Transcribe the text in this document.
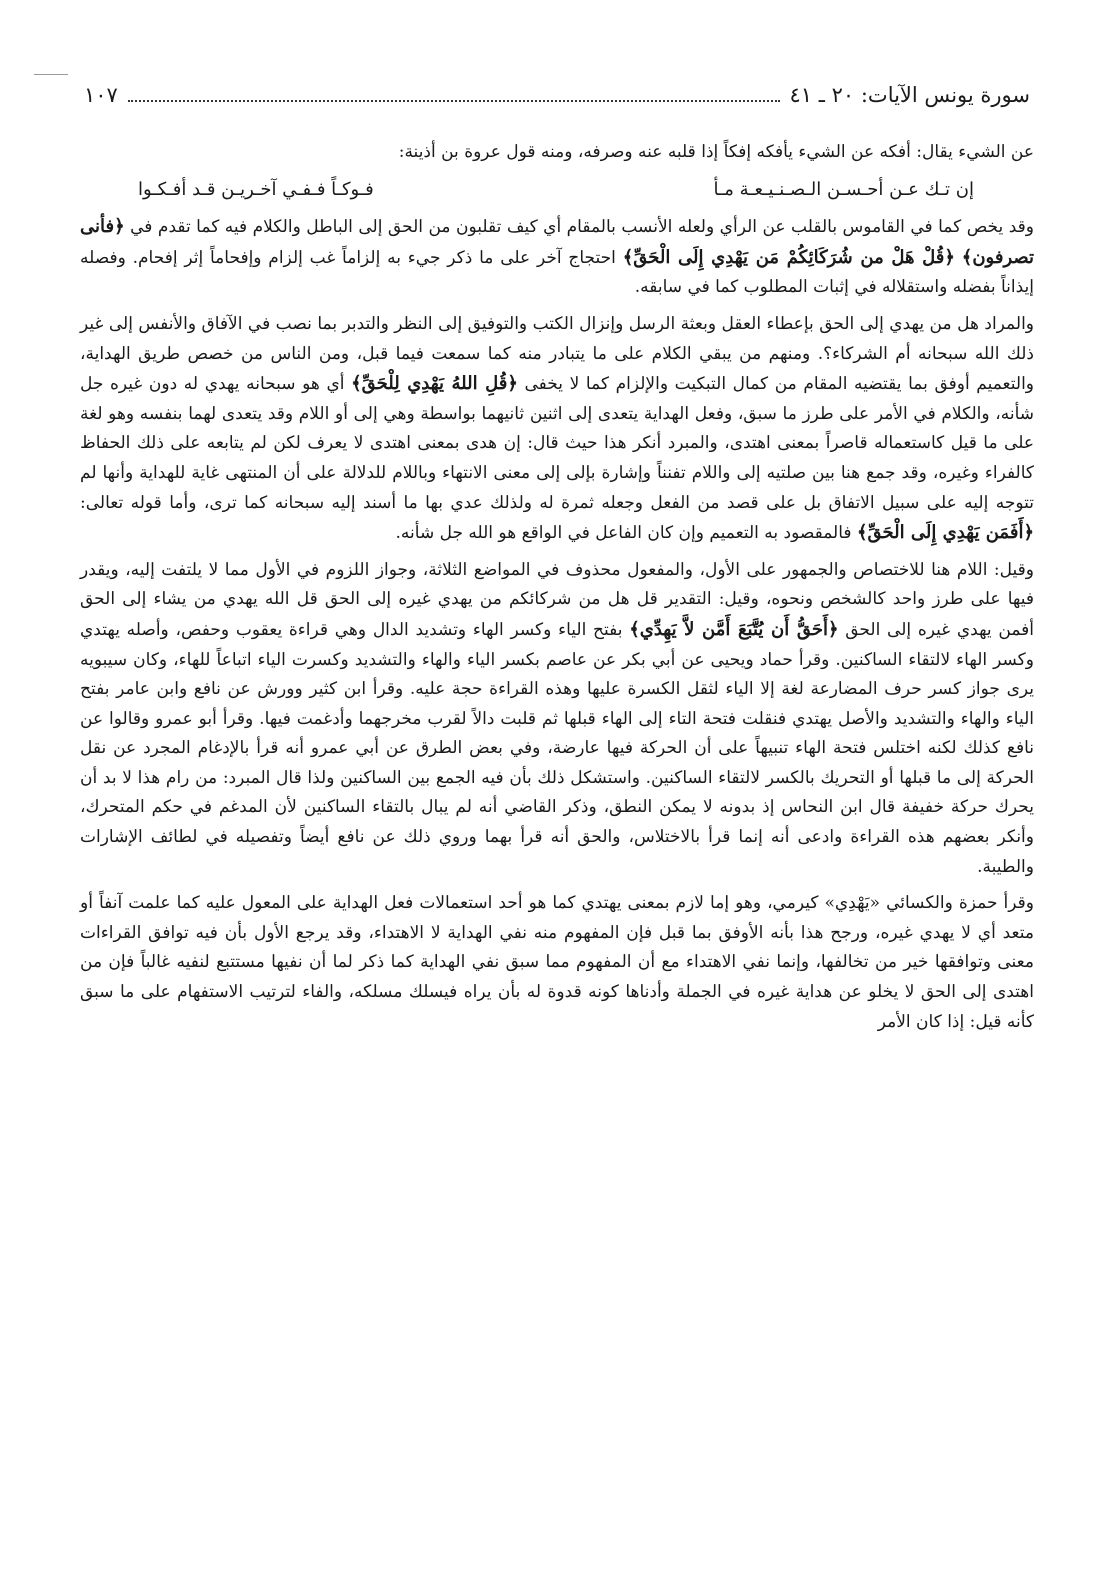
سورة يونس الآيات: ٢٠ ـ ٤١
١٠٧

عن الشيء يقال: أفكه عن الشيء يأفكه إفكاً إذا قلبه عنه وصرفه، ومنه قول عروة بن أذينة:

إن تـك عـن أحـسـن الـصـنـيـعـة مـأ
فـوكـاً فـفـي آخـريـن قـد أفـكـوا

وقد يخص كما في القاموس بالقلب عن الرأي ولعله الأنسب بالمقام أي كيف تقلبون من الحق إلى الباطل والكلام فيه كما تقدم في ﴿فأنى تصرفون﴾ ﴿قُلْ هَلْ من شُرَكَائِكُمْ مَن يَهْدِي إِلَى الْحَقِّ﴾ احتجاج آخر على ما ذكر جيء به إلزاماً غب إلزام وإفحاماً إثر إفحام. وفصله إيذاناً بفضله واستقلاله في إثبات المطلوب كما في سابقه.

والمراد هل من يهدي إلى الحق بإعطاء العقل وبعثة الرسل وإنزال الكتب والتوفيق إلى النظر والتدبر بما نصب في الآفاق والأنفس إلى غير ذلك الله سبحانه أم الشركاء؟. ومنهم من يبقي الكلام على ما يتبادر منه كما سمعت فيما قبل، ومن الناس من خصص طريق الهداية، والتعميم أوفق بما يقتضيه المقام من كمال التبكيت والإلزام كما لا يخفى ﴿قُلِ اللهُ يَهْدِي لِلْحَقِّ﴾ أي هو سبحانه يهدي له دون غيره جل شأنه، والكلام في الأمر على طرز ما سبق، وفعل الهداية يتعدى إلى اثنين ثانيهما بواسطة وهي إلى أو اللام وقد يتعدى لهما بنفسه وهو لغة على ما قيل كاستعماله قاصراً بمعنى اهتدى، والمبرد أنكر هذا حيث قال: إن هدى بمعنى اهتدى لا يعرف لكن لم يتابعه على ذلك الحفاظ كالفراء وغيره، وقد جمع هنا بين صلتيه إلى واللام تفنناً وإشارة بإلى إلى معنى الانتهاء وباللام للدلالة على أن المنتهى غاية للهداية وأنها لم تتوجه إليه على سبيل الاتفاق بل على قصد من الفعل وجعله ثمرة له ولذلك عدي بها ما أسند إليه سبحانه كما ترى، وأما قوله تعالى: ﴿أَفَمَن يَهْدِي إِلَى الْحَقِّ﴾ فالمقصود به التعميم وإن كان الفاعل في الواقع هو الله جل شأنه.

وقيل: اللام هنا للاختصاص والجمهور على الأول، والمفعول محذوف في المواضع الثلاثة، وجواز اللزوم في الأول مما لا يلتفت إليه، ويقدر فيها على طرز واحد كالشخص ونحوه، وقيل: التقدير قل هل من شركائكم من يهدي غيره إلى الحق قل الله يهدي من يشاء إلى الحق أفمن يهدي غيره إلى الحق ﴿أَحَقُّ أَن يُتَّبَعَ أَمَّن لاَّ يَهِدِّي﴾ بفتح الياء وكسر الهاء وتشديد الدال وهي قراءة يعقوب وحفص، وأصله يهتدي وكسر الهاء لالتقاء الساكنين. وقرأ حماد ويحيى عن أبي بكر عن عاصم بكسر الياء والهاء والتشديد وكسرت الياء اتباعاً للهاء، وكان سيبويه يرى جواز كسر حرف المضارعة لغة إلا الياء لثقل الكسرة عليها وهذه القراءة حجة عليه. وقرأ ابن كثير وورش عن نافع وابن عامر بفتح الياء والهاء والتشديد والأصل يهتدي فنقلت فتحة التاء إلى الهاء قبلها ثم قلبت دالاً لقرب مخرجهما وأدغمت فيها. وقرأ أبو عمرو وقالوا عن نافع كذلك لكنه اختلس فتحة الهاء تنبيهاً على أن الحركة فيها عارضة، وفي بعض الطرق عن أبي عمرو أنه قرأ بالإدغام المجرد عن نقل الحركة إلى ما قبلها أو التحريك بالكسر لالتقاء الساكنين. واستشكل ذلك بأن فيه الجمع بين الساكنين ولذا قال المبرد: من رام هذا لا بد أن يحرك حركة خفيفة قال ابن النحاس إذ بدونه لا يمكن النطق، وذكر القاضي أنه لم يبال بالتقاء الساكنين لأن المدغم في حكم المتحرك، وأنكر بعضهم هذه القراءة وادعى أنه إنما قرأ بالاختلاس، والحق أنه قرأ بهما وروي ذلك عن نافع أيضاً وتفصيله في لطائف الإشارات والطيبة.

وقرأ حمزة والكسائي «يَهْدِي» كيرمي، وهو إما لازم بمعنى يهتدي كما هو أحد استعمالات فعل الهداية على المعول عليه كما علمت آنفاً أو متعد أي لا يهدي غيره، ورجح هذا بأنه الأوفق بما قبل فإن المفهوم منه نفي الهداية لا الاهتداء، وقد يرجع الأول بأن فيه توافق القراءات معنى وتوافقها خير من تخالفها، وإنما نفي الاهتداء مع أن المفهوم مما سبق نفي الهداية كما ذكر لما أن نفيها مستتبع لنفيه غالباً فإن من اهتدى إلى الحق لا يخلو عن هداية غيره في الجملة وأدناها كونه قدوة له بأن يراه فيسلك مسلكه، والفاء لترتيب الاستفهام على ما سبق كأنه قيل: إذا كان الأمر
